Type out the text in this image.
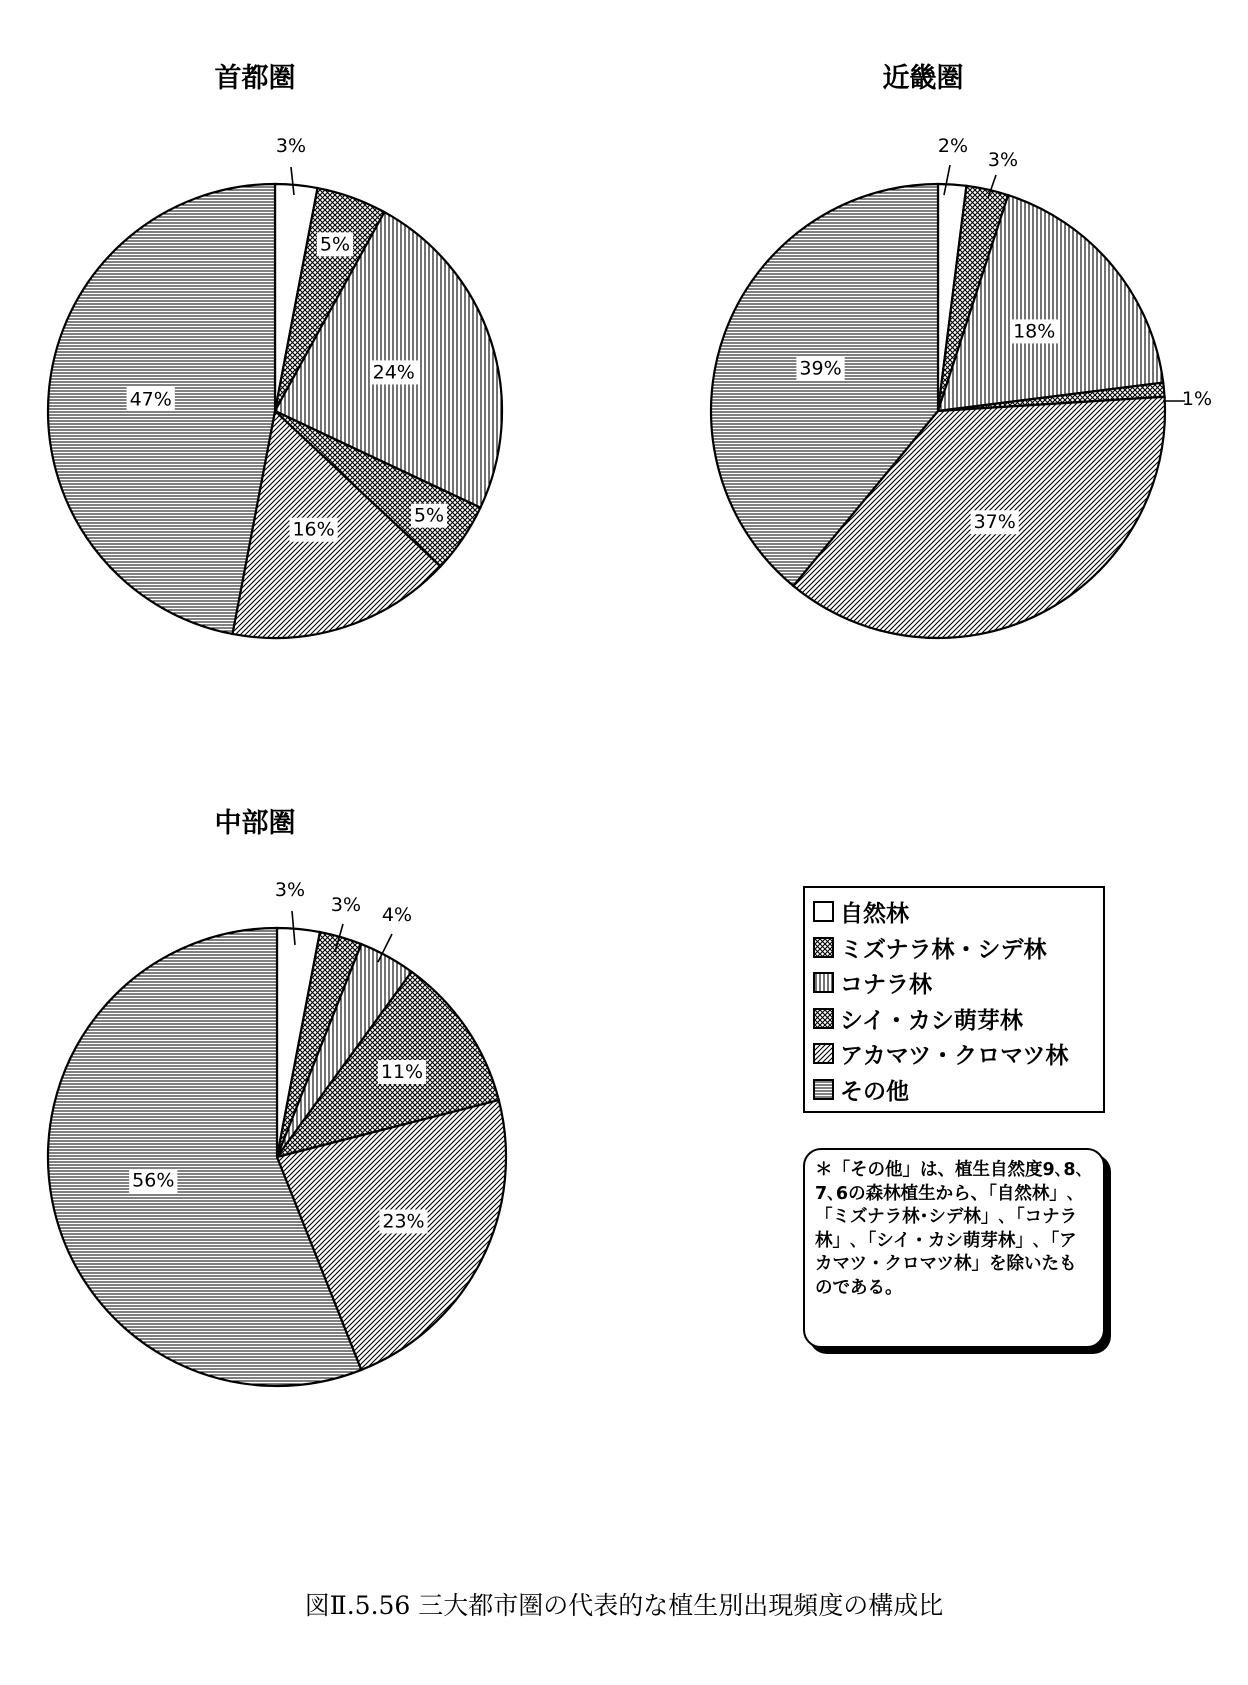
首都圏	近畿圏
中部圏
3%
5%
24%
5%
16%
47%
2%
3%
18%
1%
37%
39%
3%
3% 4%
11%
23%
56%
自然林
ミズナラ林・シデ林
コナラ林
シイ・カシ萌芽林
アカマツ・クロマツ林
その他
＊「その他」は、植生自然度9､8､7､6の森林植生から、「自然林」､「ミズナラ林･シデ林」､「コナラ林」､「シイ・カシ萌芽林」､「アカマツ・クロマツ林」を除いたものである。
図Ⅱ.5.56 三大都市圏の代表的な植生別出現頻度の構成比
